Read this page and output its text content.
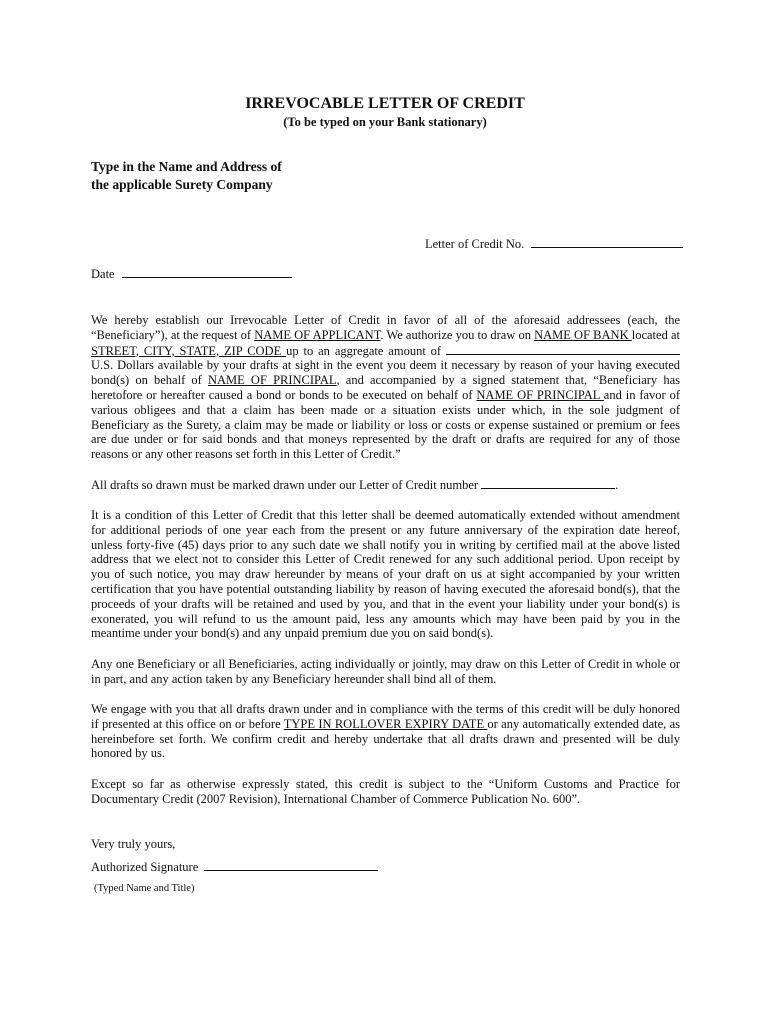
IRREVOCABLE LETTER OF CREDIT
(To be typed on your Bank stationary)
Type in the Name and Address of
the applicable Surety Company
Letter of Credit No.
Date
We hereby establish our Irrevocable Letter of Credit in favor of all of the aforesaid addressees (each, the “Beneficiary”), at the request of NAME OF APPLICANT. We authorize you to draw on NAME OF BANK located at STREET, CITY, STATE, ZIP CODE up to an aggregate amount of  U.S. Dollars available by your drafts at sight in the event you deem it necessary by reason of your having executed bond(s) on behalf of NAME OF PRINCIPAL, and accompanied by a signed statement that, “Beneficiary has heretofore or hereafter caused a bond or bonds to be executed on behalf of NAME OF PRINCIPAL and in favor of various obligees and that a claim has been made or a situation exists under which, in the sole judgment of Beneficiary as the Surety, a claim may be made or liability or loss or costs or expense sustained or premium or fees are due under or for said bonds and that moneys represented by the draft or drafts are required for any of those reasons or any other reasons set forth in this Letter of Credit.”
All drafts so drawn must be marked drawn under our Letter of Credit number	.
It is a condition of this Letter of Credit that this letter shall be deemed automatically extended without amendment for additional periods of one year each from the present or any future anniversary of the expiration date hereof, unless forty-five (45) days prior to any such date we shall notify you in writing by certified mail at the above listed address that we elect not to consider this Letter of Credit renewed for any such additional period. Upon receipt by you of such notice, you may draw hereunder by means of your draft on us at sight accompanied by your written certification that you have potential outstanding liability by reason of having executed the aforesaid bond(s), that the proceeds of your drafts will be retained and used by you, and that in the event your liability under your bond(s) is exonerated, you will refund to us the amount paid, less any amounts which may have been paid by you in the meantime under your bond(s) and any unpaid premium due you on said bond(s).
Any one Beneficiary or all Beneficiaries, acting individually or jointly, may draw on this Letter of Credit in whole or in part, and any action taken by any Beneficiary hereunder shall bind all of them.
We engage with you that all drafts drawn under and in compliance with the terms of this credit will be duly honored if presented at this office on or before TYPE IN ROLLOVER EXPIRY DATE or any automatically extended date, as hereinbefore set forth. We confirm credit and hereby undertake that all drafts drawn and presented will be duly honored by us.
Except so far as otherwise expressly stated, this credit is subject to the “Uniform Customs and Practice for Documentary Credit (2007 Revision), International Chamber of Commerce Publication No. 600”.
Very truly yours,
Authorized Signature
(Typed Name and Title)
